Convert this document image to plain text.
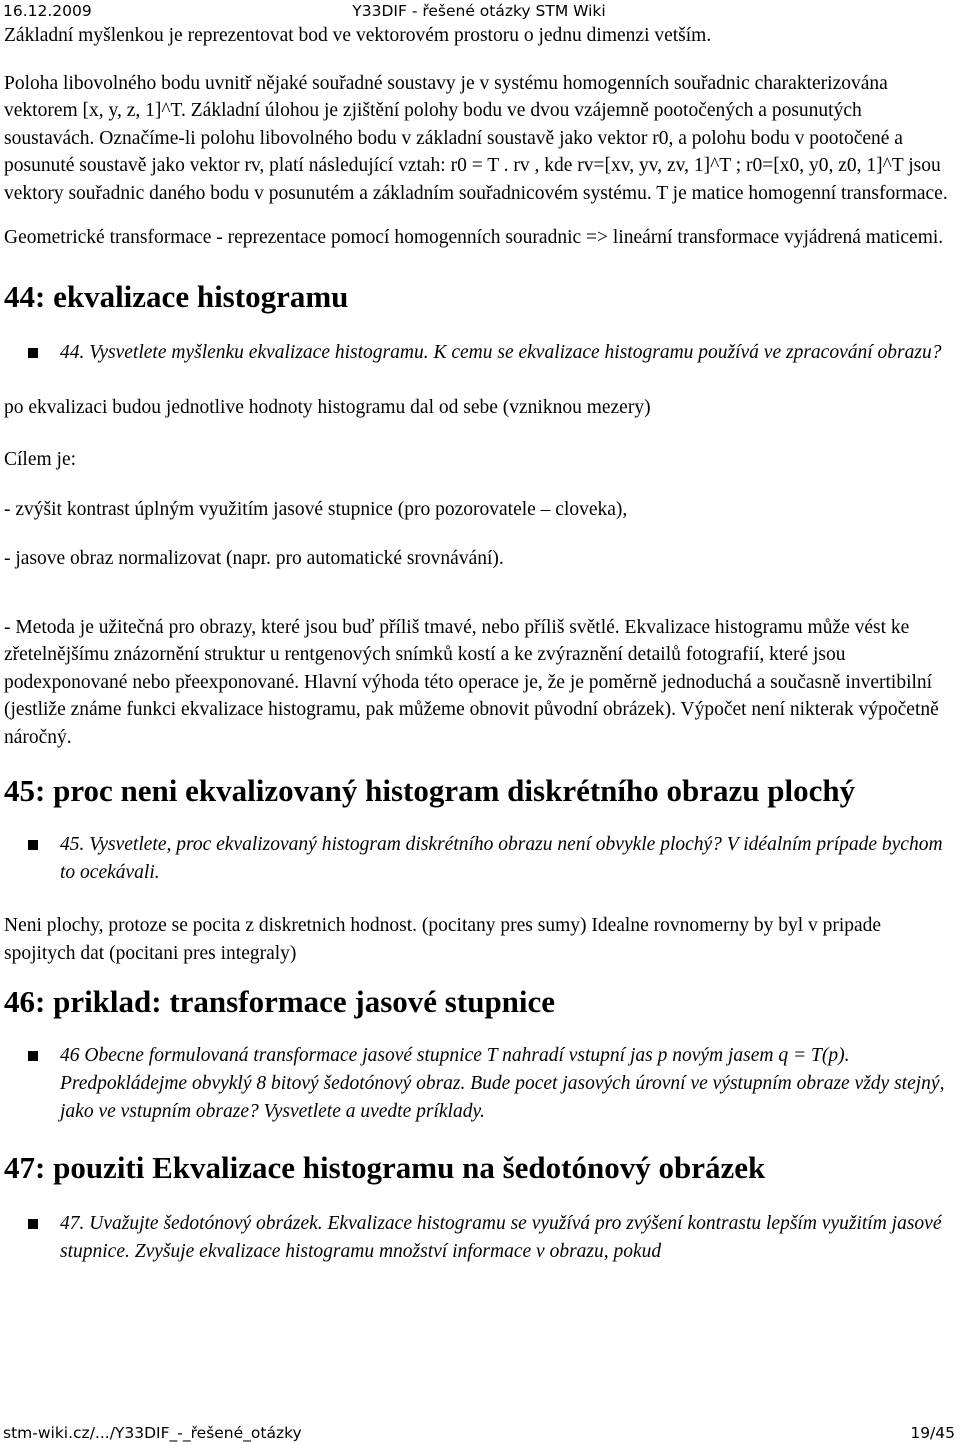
16.12.2009	Y33DIF - řešené otázky STM Wiki

Základní myšlenkou je reprezentovat bod ve vektorovém prostoru o jednu dimenzi vetším.

Poloha libovolného bodu uvnitř nějaké souřadné soustavy je v systému homogenních souřadnic charakterizována vektorem [x, y, z, 1]^T. Základní úlohou je zjištění polohy bodu ve dvou vzájemně pootočených a posunutých soustavách. Označíme-li polohu libovolného bodu v základní soustavě jako vektor r0, a polohu bodu v pootočené a posunuté soustavě jako vektor rv, platí následující vztah: r0 = T . rv , kde rv=[xv, yv, zv, 1]^T ; r0=[x0, y0, z0, 1]^T jsou vektory souřadnic daného bodu v posunutém a základním souřadnicovém systému. T je matice homogenní transformace.

Geometrické transformace - reprezentace pomocí homogenních souradnic => lineární transformace vyjádrená maticemi.

44: ekvalizace histogramu
44. Vysvetlete myšlenku ekvalizace histogramu. K cemu se ekvalizace histogramu používá ve zpracování obrazu?

po ekvalizaci budou jednotlive hodnoty histogramu dal od sebe (vzniknou mezery)

Cílem je:

- zvýšit kontrast úplným využitím jasové stupnice (pro pozorovatele – cloveka),

- jasove obraz normalizovat (napr. pro automatické srovnávání).

- Metoda je užitečná pro obrazy, které jsou buď příliš tmavé, nebo příliš světlé. Ekvalizace histogramu může vést ke zřetelnějšímu znázornění struktur u rentgenových snímků kostí a ke zvýraznění detailů fotografií, které jsou podexponované nebo přeexponované. Hlavní výhoda této operace je, že je poměrně jednoduchá a současně invertibilní (jestliže známe funkci ekvalizace histogramu, pak můžeme obnovit původní obrázek). Výpočet není nikterak výpočetně náročný.

45: proc neni ekvalizovaný histogram diskrétního obrazu plochý
45. Vysvetlete, proc ekvalizovaný histogram diskrétního obrazu není obvykle plochý? V idéalním prípade bychom to ocekávali.

Neni plochy, protoze se pocita z diskretnich hodnost. (pocitany pres sumy) Idealne rovnomerny by byl v pripade spojitych dat (pocitani pres integraly)

46: priklad: transformace jasové stupnice
46 Obecne formulovaná transformace jasové stupnice T nahradí vstupní jas p novým jasem q = T(p). Predpokládejme obvyklý 8 bitový šedotónový obraz. Bude pocet jasových úrovní ve výstupním obraze vždy stejný, jako ve vstupním obraze? Vysvetlete a uvedte príklady.
47: pouziti Ekvalizace histogramu na šedotónový obrázek
47. Uvažujte šedotónový obrázek. Ekvalizace histogramu se využívá pro zvýšení kontrastu lepším využitím jasové stupnice. Zvyšuje ekvalizace histogramu množství informace v obrazu, pokud
stm-wiki.cz/.../Y33DIF_-_řešené_otázky	19/45
